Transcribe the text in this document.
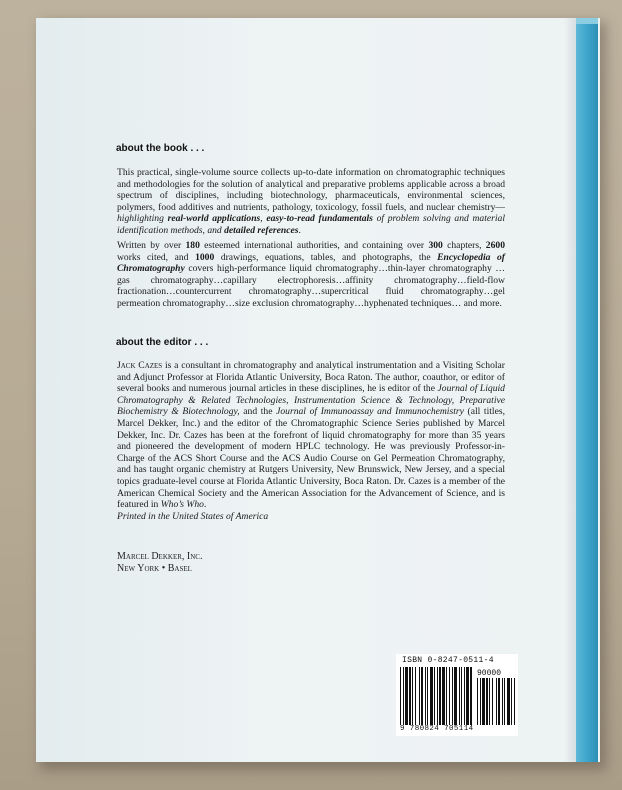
about the book . . .

This practical, single-volume source collects up-to-date information on chromatographic techniques and methodologies for the solution of analytical and preparative problems applicable across a broad spectrum of disciplines, including biotechnology, pharmaceuticals, environmental sciences, polymers, food additives and nutrients, pathology, toxicology, fossil fuels, and nuclear chemistry—highlighting real-world applications, easy-to-read fundamentals of problem solving and material identification methods, and detailed references.

Written by over 180 esteemed international authorities, and containing over 300 chapters, 2600 works cited, and 1000 drawings, equations, tables, and photographs, the Encyclopedia of Chromatography covers high-performance liquid chromatography…thin-layer chromatography …gas chromatography…capillary electrophoresis…affinity chromatography…field-flow fractionation…countercurrent chromatography…supercritical fluid chromatography…gel permeation chromatography…size exclusion chromatography…hyphenated techniques… and more.

about the editor . . .

Jack Cazes is a consultant in chromatography and analytical instrumentation and a Visiting Scholar and Adjunct Professor at Florida Atlantic University, Boca Raton. The author, coauthor, or editor of several books and numerous journal articles in these disciplines, he is editor of the Journal of Liquid Chromatography & Related Technologies, Instrumentation Science & Technology, Preparative Biochemistry & Biotechnology, and the Journal of Immunoassay and Immunochemistry (all titles, Marcel Dekker, Inc.) and the editor of the Chromatographic Science Series published by Marcel Dekker, Inc. Dr. Cazes has been at the forefront of liquid chromatography for more than 35 years and pioneered the development of modern HPLC technology. He was previously Professor-in-Charge of the ACS Short Course and the ACS Audio Course on Gel Permeation Chromatography, and has taught organic chemistry at Rutgers University, New Brunswick, New Jersey, and a special topics graduate-level course at Florida Atlantic University, Boca Raton. Dr. Cazes is a member of the American Chemical Society and the American Association for the Advancement of Science, and is featured in Who’s Who.

Printed in the United States of America
Marcel Dekker, Inc.
New York • Basel
ISBN 0-8247-0511-4
90000
9 780824 705114
